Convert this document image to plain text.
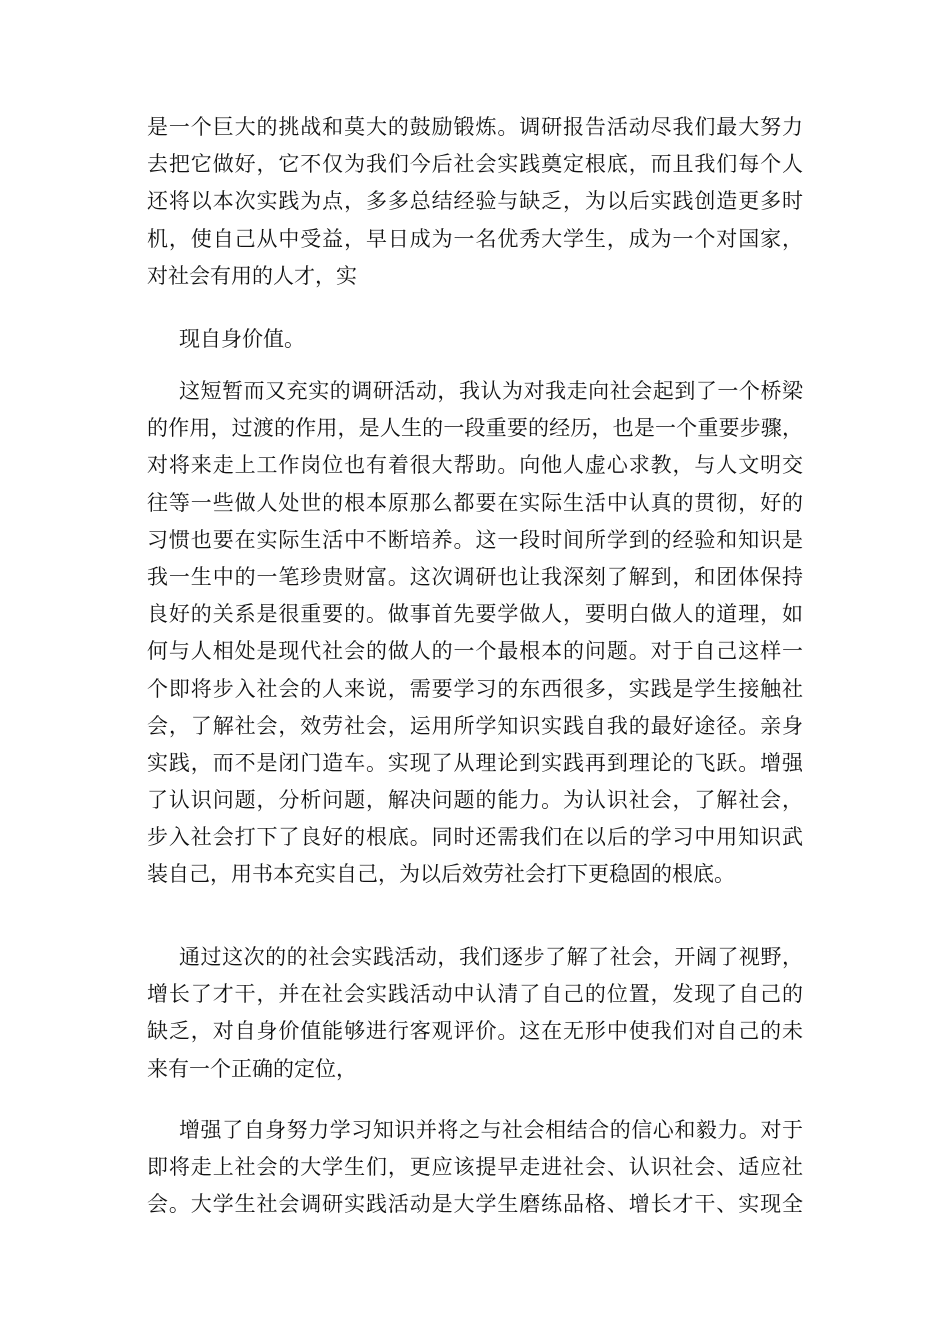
是一个巨大的挑战和莫大的鼓励锻炼。调研报告活动尽我们最大努力
去把它做好，它不仅为我们今后社会实践奠定根底，而且我们每个人
还将以本次实践为点，多多总结经验与缺乏，为以后实践创造更多时
机，使自己从中受益，早日成为一名优秀大学生，成为一个对国家，
对社会有用的人才，实
现自身价值。
这短暂而又充实的调研活动，我认为对我走向社会起到了一个桥梁
的作用，过渡的作用，是人生的一段重要的经历，也是一个重要步骤，
对将来走上工作岗位也有着很大帮助。向他人虚心求教，与人文明交
往等一些做人处世的根本原那么都要在实际生活中认真的贯彻，好的
习惯也要在实际生活中不断培养。这一段时间所学到的经验和知识是
我一生中的一笔珍贵财富。这次调研也让我深刻了解到，和团体保持
良好的关系是很重要的。做事首先要学做人，要明白做人的道理，如
何与人相处是现代社会的做人的一个最根本的问题。对于自己这样一
个即将步入社会的人来说，需要学习的东西很多，实践是学生接触社
会，了解社会，效劳社会，运用所学知识实践自我的最好途径。亲身
实践，而不是闭门造车。实现了从理论到实践再到理论的飞跃。增强
了认识问题，分析问题，解决问题的能力。为认识社会，了解社会，
步入社会打下了良好的根底。同时还需我们在以后的学习中用知识武
装自己，用书本充实自己，为以后效劳社会打下更稳固的根底。
通过这次的的社会实践活动，我们逐步了解了社会，开阔了视野，
增长了才干，并在社会实践活动中认清了自己的位置，发现了自己的
缺乏，对自身价值能够进行客观评价。这在无形中使我们对自己的未
来有一个正确的定位，
增强了自身努力学习知识并将之与社会相结合的信心和毅力。对于
即将走上社会的大学生们，更应该提早走进社会、认识社会、适应社
会。大学生社会调研实践活动是大学生磨练品格、增长才干、实现全
